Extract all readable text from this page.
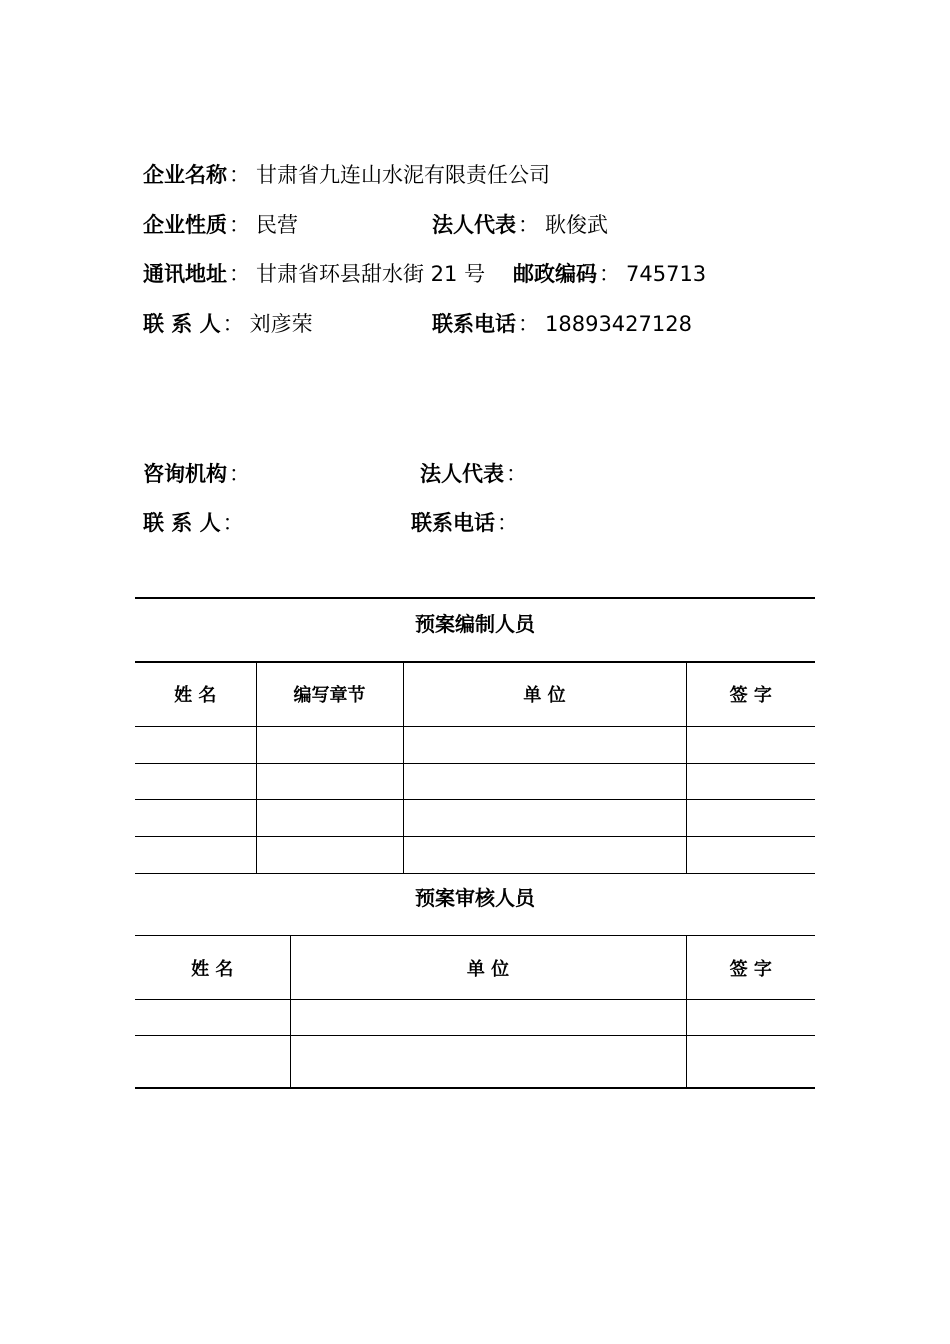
企业名称： 甘肃省九连山水泥有限责任公司
企业性质： 民营	法人代表： 耿俊武
通讯地址： 甘肃省环县甜水街 21 号 邮政编码： 745713
联 系 人： 刘彦荣	联系电话： 18893427128
咨询机构：	法人代表：
联 系 人：	联系电话：
预案编制人员
姓 名	编写章节	单 位	签 字

预案审核人员
姓 名	单 位	签 字
